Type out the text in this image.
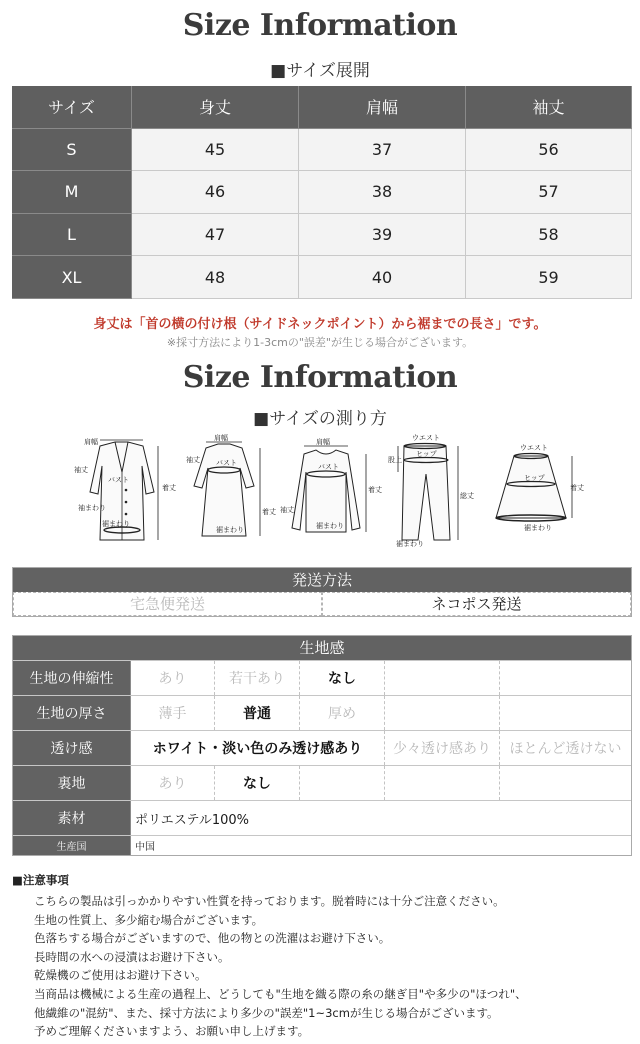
Size Information
■サイズ展開
サイズ	身丈	肩幅	袖丈
S	45	37	56
M	46	38	57
L	47	39	58
XL	48	40	59
身丈は「首の横の付け根（サイドネックポイント）から裾までの長さ」です。
※採寸方法により1-3cmの"誤差"が生じる場合がございます。
Size Information
■サイズの測り方
肩幅
袖丈
着丈
バスト
袖まわり
裾まわり
肩幅
バスト
着丈
袖丈
裾まわり
肩幅
バスト
着丈
袖丈
裾まわり
ウエスト
ヒップ
股上
総丈
裾まわり
ウエスト
ヒップ
着丈
裾まわり
発送方法
宅急便発送	ネコポス発送
生地感
生地の伸縮性	あり	若干あり	なし
生地の厚さ	薄手	普通	厚め
透け感	ホワイト・淡い色のみ透け感あり	少々透け感あり	ほとんど透けない
裏地	あり	なし
素材	ポリエステル100%
生産国	中国
■注意事項
こちらの製品は引っかかりやすい性質を持っております。脱着時には十分ご注意ください。
生地の性質上、多少縮む場合がございます。
色落ちする場合がございますので、他の物との洗濯はお避け下さい。
長時間の水への浸漬はお避け下さい。
乾燥機のご使用はお避け下さい。
当商品は機械による生産の過程上、どうしても"生地を織る際の糸の継ぎ目"や多少の"ほつれ"、
他繊維の"混紡"、また、採寸方法により多少の"誤差"1~3cmが生じる場合がございます。
予めご理解くださいますよう、お願い申し上げます。
